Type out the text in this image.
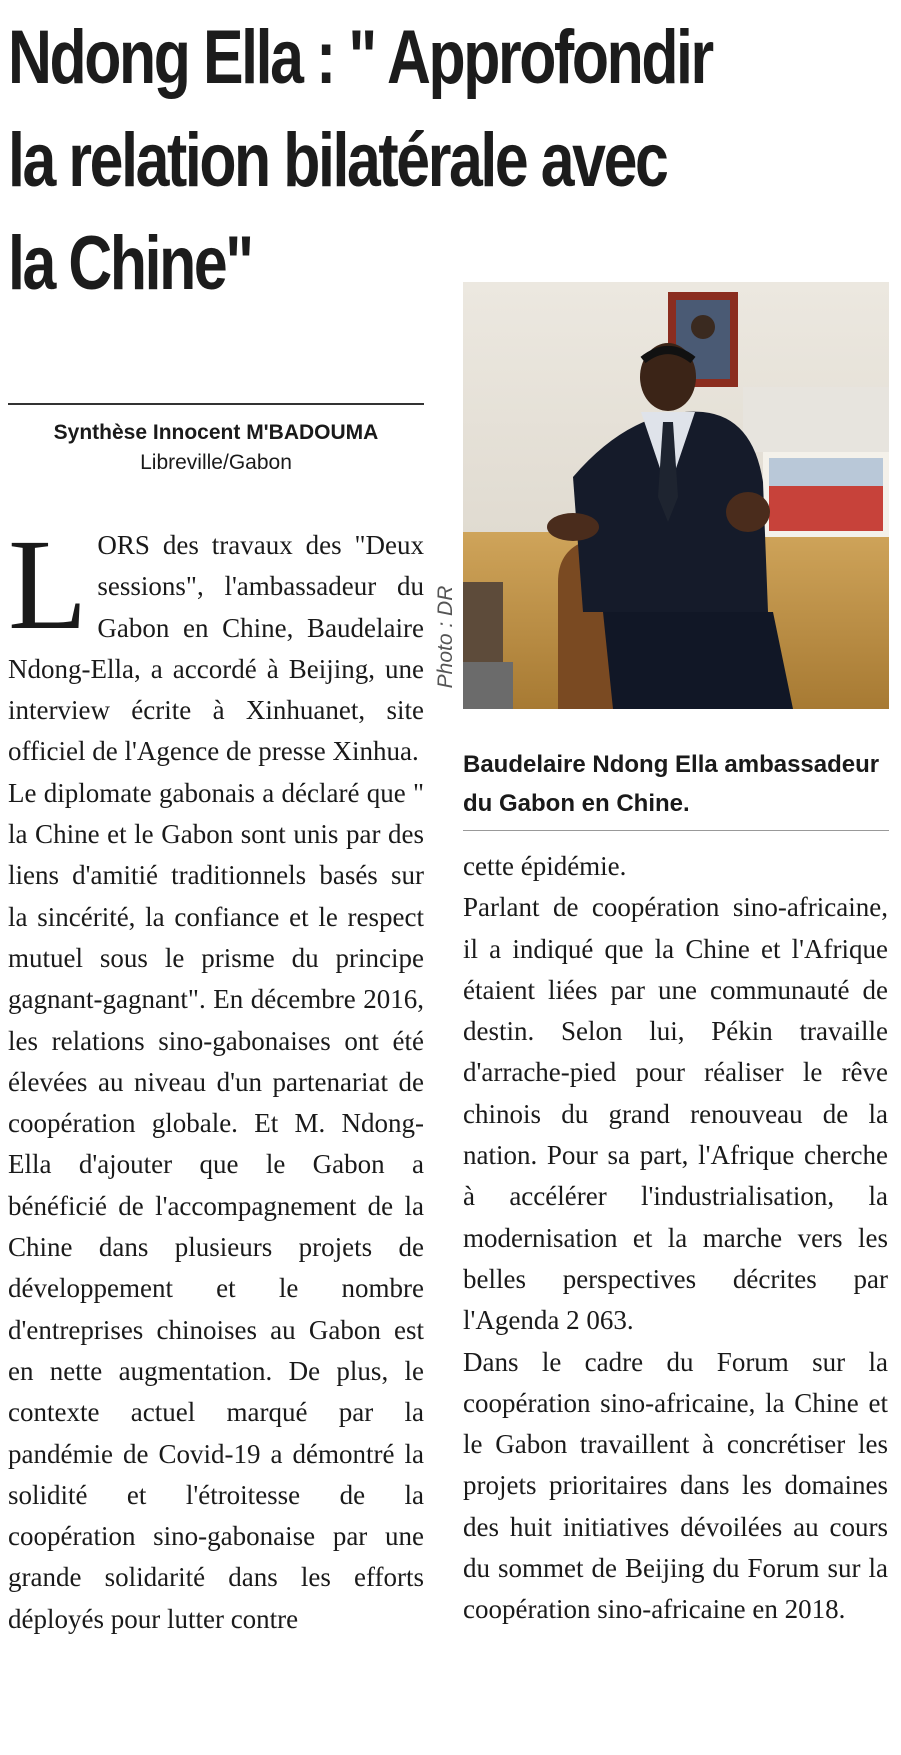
Ndong Ella : " Approfondir la relation bilatérale avec la Chine"
Synthèse Innocent M'BADOUMA
Libreville/Gabon

LORS des travaux des "Deux sessions", l'ambassadeur du Gabon en Chine, Baudelaire Ndong-Ella, a accordé à Beijing, une interview écrite à Xinhuanet, site officiel de l'Agence de presse Xinhua.

Le diplomate gabonais a déclaré que " la Chine et le Gabon sont unis par des liens d'amitié traditionnels basés sur la sincérité, la confiance et le respect mutuel sous le prisme du principe gagnant-gagnant". En décembre 2016, les relations sino-gabonaises ont été élevées au niveau d'un partenariat de coopération globale. Et M. Ndong-Ella d'ajouter que le Gabon a bénéficié de l'accompagnement de la Chine dans plusieurs projets de développement et le nombre d'entreprises chinoises au Gabon est en nette augmentation. De plus, le contexte actuel marqué par la pandémie de Covid-19 a démontré la solidité et l'étroitesse de la coopération sino-gabonaise par une grande solidarité dans les efforts déployés pour lutter contre

Photo : DR
Baudelaire Ndong Ella ambassadeur du Gabon en Chine.

cette épidémie.

Parlant de coopération sino-africaine, il a indiqué que la Chine et l'Afrique étaient liées par une communauté de destin. Selon lui, Pékin travaille d'arrache-pied pour réaliser le rêve chinois du grand renouveau de la nation. Pour sa part, l'Afrique cherche à accélérer l'industrialisation, la modernisation et la marche vers les belles perspectives décrites par l'Agenda 2 063.

Dans le cadre du Forum sur la coopération sino-africaine, la Chine et le Gabon travaillent à concrétiser les projets prioritaires dans les domaines des huit initiatives dévoilées au cours du sommet de Beijing du Forum sur la coopération sino-africaine en 2018.
